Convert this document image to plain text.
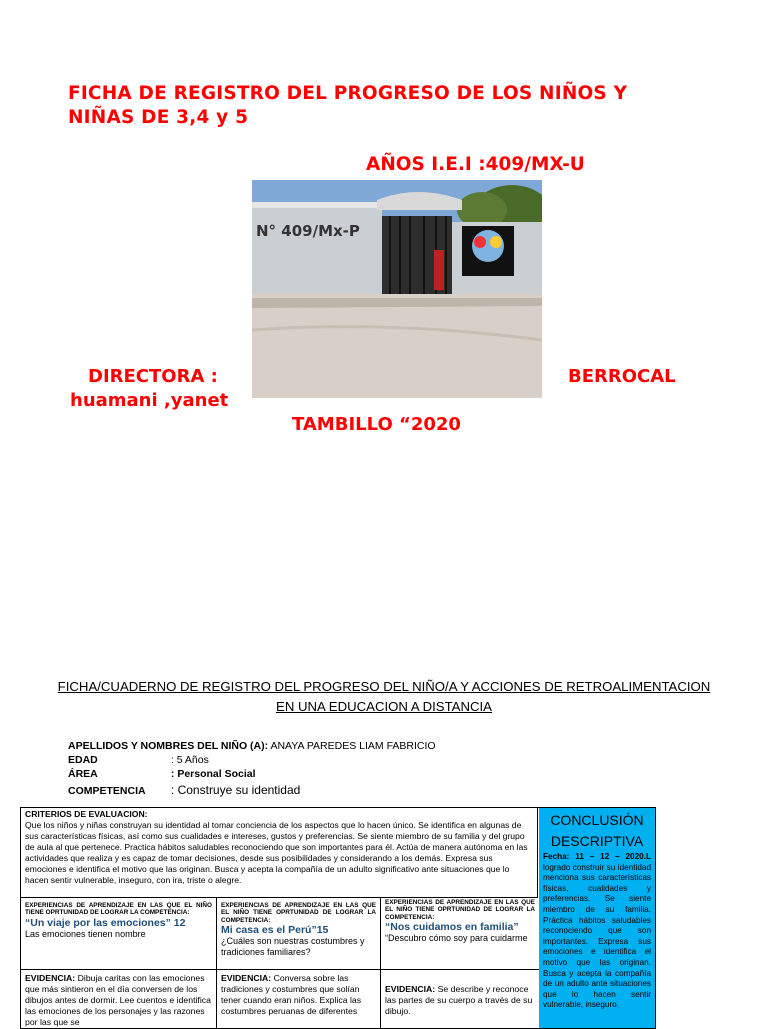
FICHA DE REGISTRO DEL PROGRESO DE LOS NIÑOS Y
NIÑAS DE 3,4 y 5
AÑOS I.E.I :409/MX-U
N° 409/Mx-P
DIRECTORA :
huamani ,yanet
BERROCAL
TAMBILLO “2020
FICHA/CUADERNO DE REGISTRO DEL PROGRESO DEL NIÑO/A Y ACCIONES DE RETROALIMENTACION
EN UNA EDUCACION A DISTANCIA
APELLIDOS Y NOMBRES DEL NIÑO (A): ANAYA PAREDES LIAM FABRICIO
EDAD	: 5 Años
ÁREA	: Personal Social
COMPETENCIA : Construye su identidad
CRITERIOS DE EVALUACION:
Que los niños y niñas construyan su identidad al tomar conciencia de los aspectos que lo hacen único. Se identifica en algunas de sus características físicas, así como sus cualidades e intereses, gustos y preferencias. Se siente miembro de su familia y del grupo de aula al que pertenece. Practica hábitos saludables reconociendo que son importantes para él. Actúa de manera autónoma en las actividades que realiza y es capaz de tomar decisiones, desde sus posibilidades y considerando a los demás. Expresa sus emociones e identifica el motivo que las originan. Busca y acepta la compañía de un adulto significativo ante situaciones que lo hacen sentir vulnerable, inseguro, con ira, triste o alegre.
EXPERIENCIAS DE APRENDIZAJE EN LAS QUE EL NIÑO TIENE OPRTUNIDAD DE LOGRAR LA COMPETENCIA:
“Un viaje por las emociones” 12
Las emociones tienen nombre
EVIDENCIA: Dibuja caritas con las emociones que más sintieron en el día conversen de los dibujos antes de dormir. Lee cuentos e identifica las emociones de los personajes y las razones por las que se
EXPERIENCIAS DE APRENDIZAJE EN LAS QUE EL NIÑO TIENE OPRTUNIDAD DE LOGRAR LA COMPETENCIA:
Mi casa es el Perú”15
¿Cuáles son nuestras costumbres y tradiciones familiares?
EVIDENCIA: Conversa sobre las tradiciones y costumbres que solían tener cuando eran niños. Explica las costumbres peruanas de diferentes
EXPERIENCIAS DE APRENDIZAJE EN LAS QUE EL NIÑO TIENE OPRTUNIDAD DE LOGRAR LA COMPETENCIA:
“Nos cuidamos en familia”
“Descubro cómo soy para cuidarme
EVIDENCIA: Se describe y reconoce las partes de su cuerpo a través de su dibujo.
CONCLUSIÓN DESCRIPTIVA
Fecha: 11 – 12 – 2020.L logrado construir su identidad menciona sus características físicas, cualidades y preferencias. Se siente miembro de su familia. Práctica hábitos saludables reconociendo que son importantes. Expresa sus emociones e identifica el motivo que las originan. Busca y acepta la compañía de un adulto ante situaciones que lo hacen sentir vulnerable, inseguro.
